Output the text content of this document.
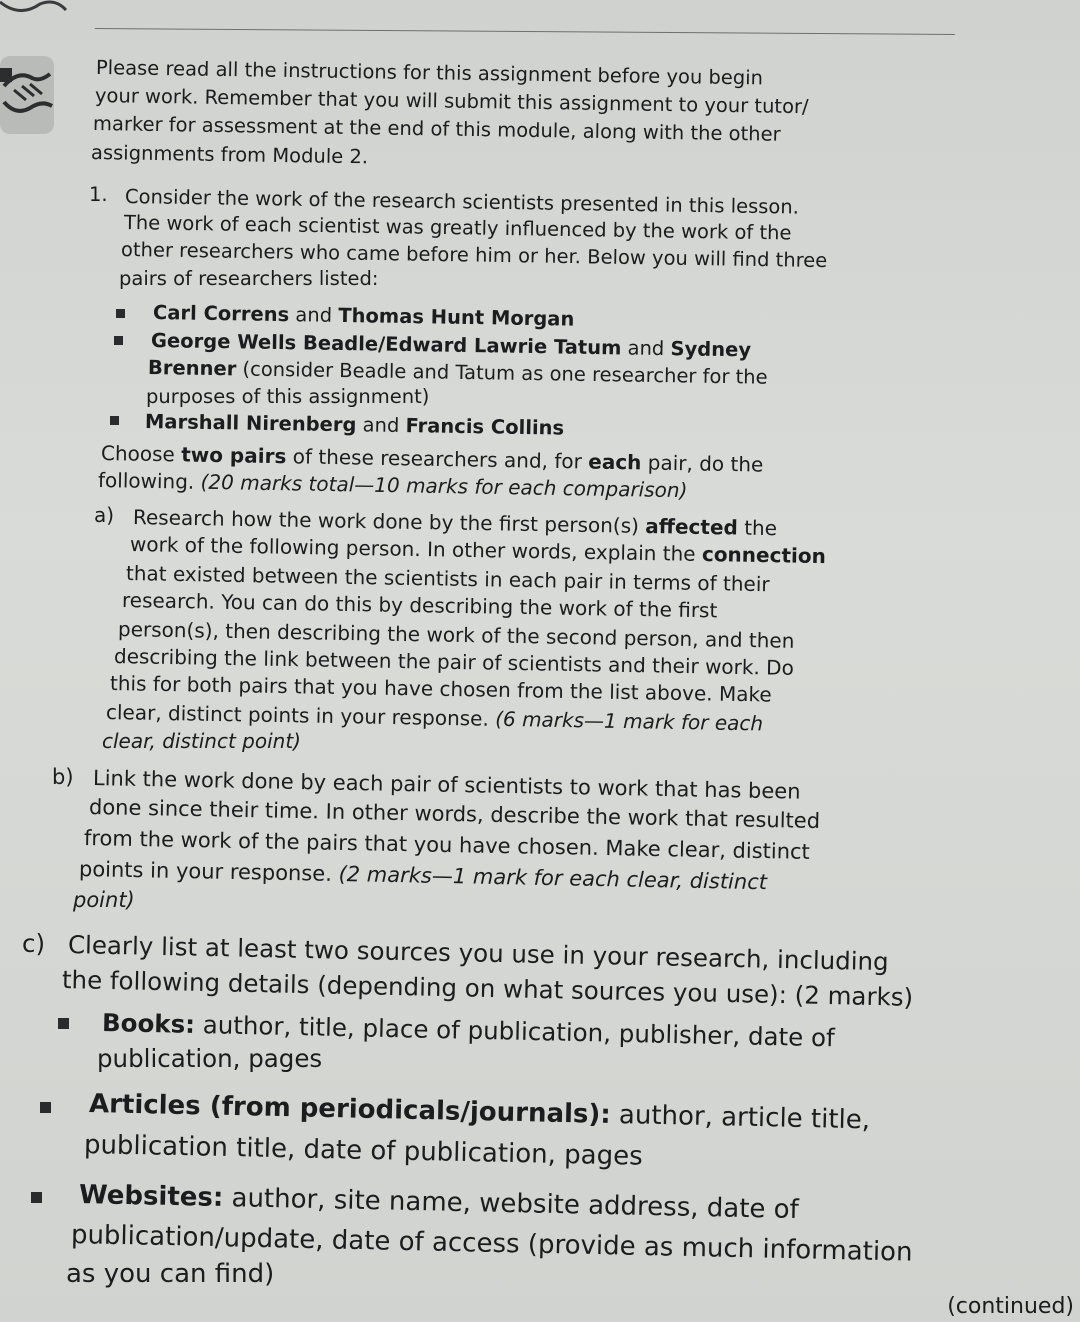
Please read all the instructions for this assignment before you begin
your work. Remember that you will submit this assignment to your tutor/
marker for assessment at the end of this module, along with the other
assignments from Module 2.
1. Consider the work of the research scientists presented in this lesson.
The work of each scientist was greatly influenced by the work of the
other researchers who came before him or her. Below you will find three
pairs of researchers listed:
Carl Correns and Thomas Hunt Morgan
George Wells Beadle/Edward Lawrie Tatum and Sydney
Brenner (consider Beadle and Tatum as one researcher for the
purposes of this assignment)
Marshall Nirenberg and Francis Collins
Choose two pairs of these researchers and, for each pair, do the
following. (20 marks total—10 marks for each comparison)
a) Research how the work done by the first person(s) affected the
work of the following person. In other words, explain the connection
that existed between the scientists in each pair in terms of their
research. You can do this by describing the work of the first
person(s), then describing the work of the second person, and then
describing the link between the pair of scientists and their work. Do
this for both pairs that you have chosen from the list above. Make
clear, distinct points in your response. (6 marks—1 mark for each
clear, distinct point)
b) Link the work done by each pair of scientists to work that has been
done since their time. In other words, describe the work that resulted
from the work of the pairs that you have chosen. Make clear, distinct
points in your response. (2 marks—1 mark for each clear, distinct
point)
c) Clearly list at least two sources you use in your research, including
the following details (depending on what sources you use): (2 marks)
Books: author, title, place of publication, publisher, date of
publication, pages
Articles (from periodicals/journals): author, article title,
publication title, date of publication, pages
Websites: author, site name, website address, date of
publication/update, date of access (provide as much information
as you can find)
(continued)
